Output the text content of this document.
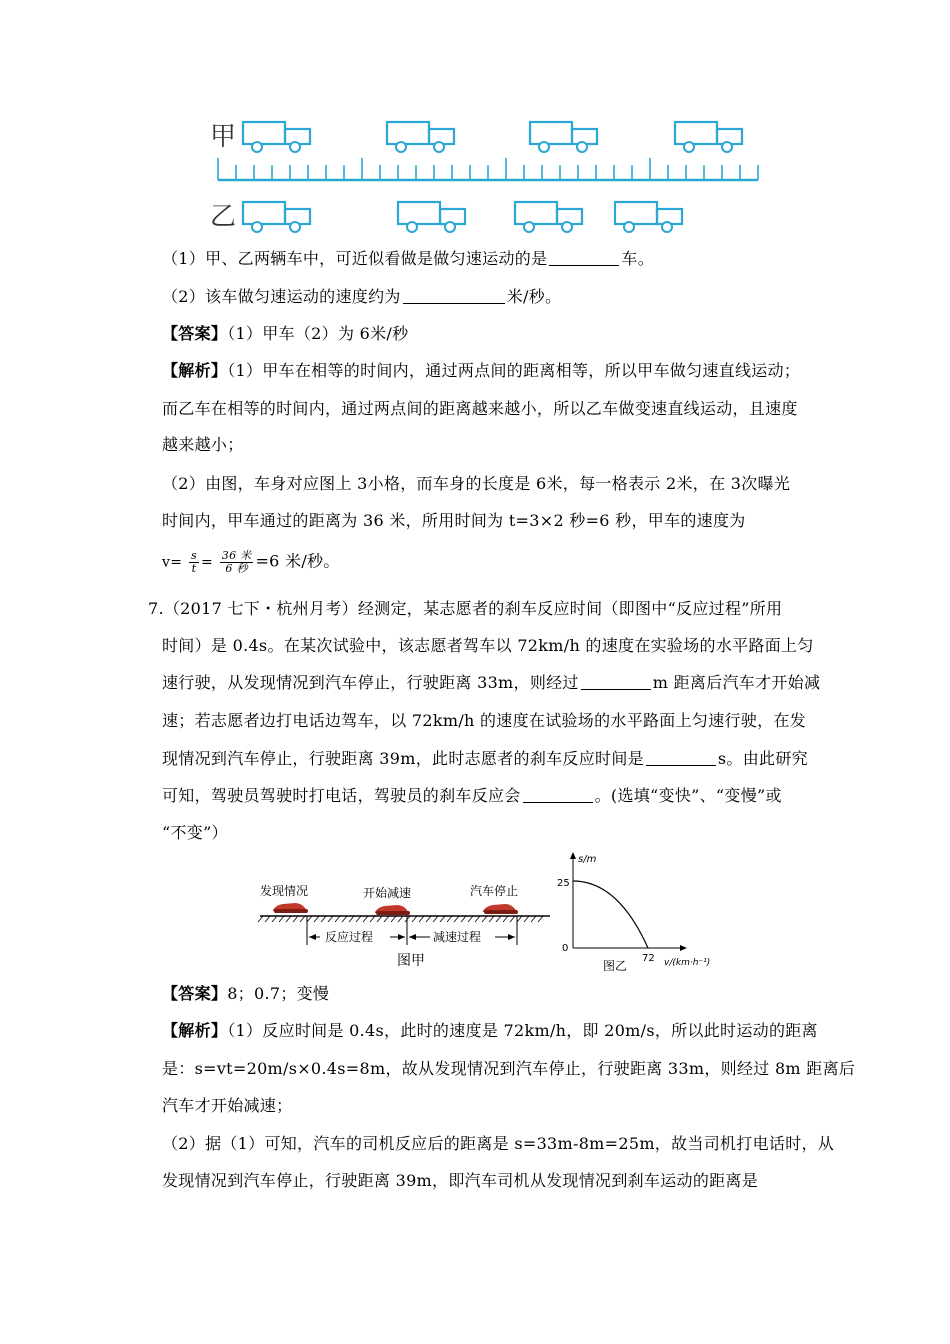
甲
乙
（1）甲、乙两辆车中，可近似看做是做匀速运动的是	车。
（2）该车做匀速运动的速度约为	米/秒。
【答案】（1）甲车（2）为 6米/秒
【解析】（1）甲车在相等的时间内，通过两点间的距离相等，所以甲车做匀速直线运动；
而乙车在相等的时间内，通过两点间的距离越来越小，所以乙车做变速直线运动，且速度
越来越小；
（2）由图，车身对应图上 3小格，而车身的长度是 6米，每一格表示 2米，在 3次曝光
时间内，甲车通过的距离为 36 米，所用时间为 t=3×2 秒=6 秒，甲车的速度为
$v= \frac{s}{t} = \frac{\text{36 米}}{\text{6 秒}} =6$ 米/秒。
7.（2017 七下・杭州月考）经测定，某志愿者的刹车反应时间（即图中“反应过程”所用
时间）是 0.4s。在某次试验中，该志愿者驾车以 72km/h 的速度在实验场的水平路面上匀
速行驶，从发现情况到汽车停止，行驶距离 33m，则经过	m 距离后汽车才开始减
速；若志愿者边打电话边驾车，以 72km/h 的速度在试验场的水平路面上匀速行驶，在发
现情况到汽车停止，行驶距离 39m，此时志愿者的刹车反应时间是	s。由此研究
可知，驾驶员驾驶时打电话，驾驶员的刹车反应会	。(选填“变快”、“变慢”或
“不变”）
发现情况	开始减速	汽车停止
反应过程	减速过程
图甲
s/m
25
0
72 v/(km·h⁻¹)
图乙
【答案】8；0.7；变慢
【解析】（1）反应时间是 0.4s，此时的速度是 72km/h，即 20m/s，所以此时运动的距离
是：s=vt=20m/s×0.4s=8m，故从发现情况到汽车停止，行驶距离 33m，则经过 8m 距离后
汽车才开始减速；
（2）据（1）可知，汽车的司机反应后的距离是 s=33m-8m=25m，故当司机打电话时，从
发现情况到汽车停止，行驶距离 39m，即汽车司机从发现情况到刹车运动的距离是
